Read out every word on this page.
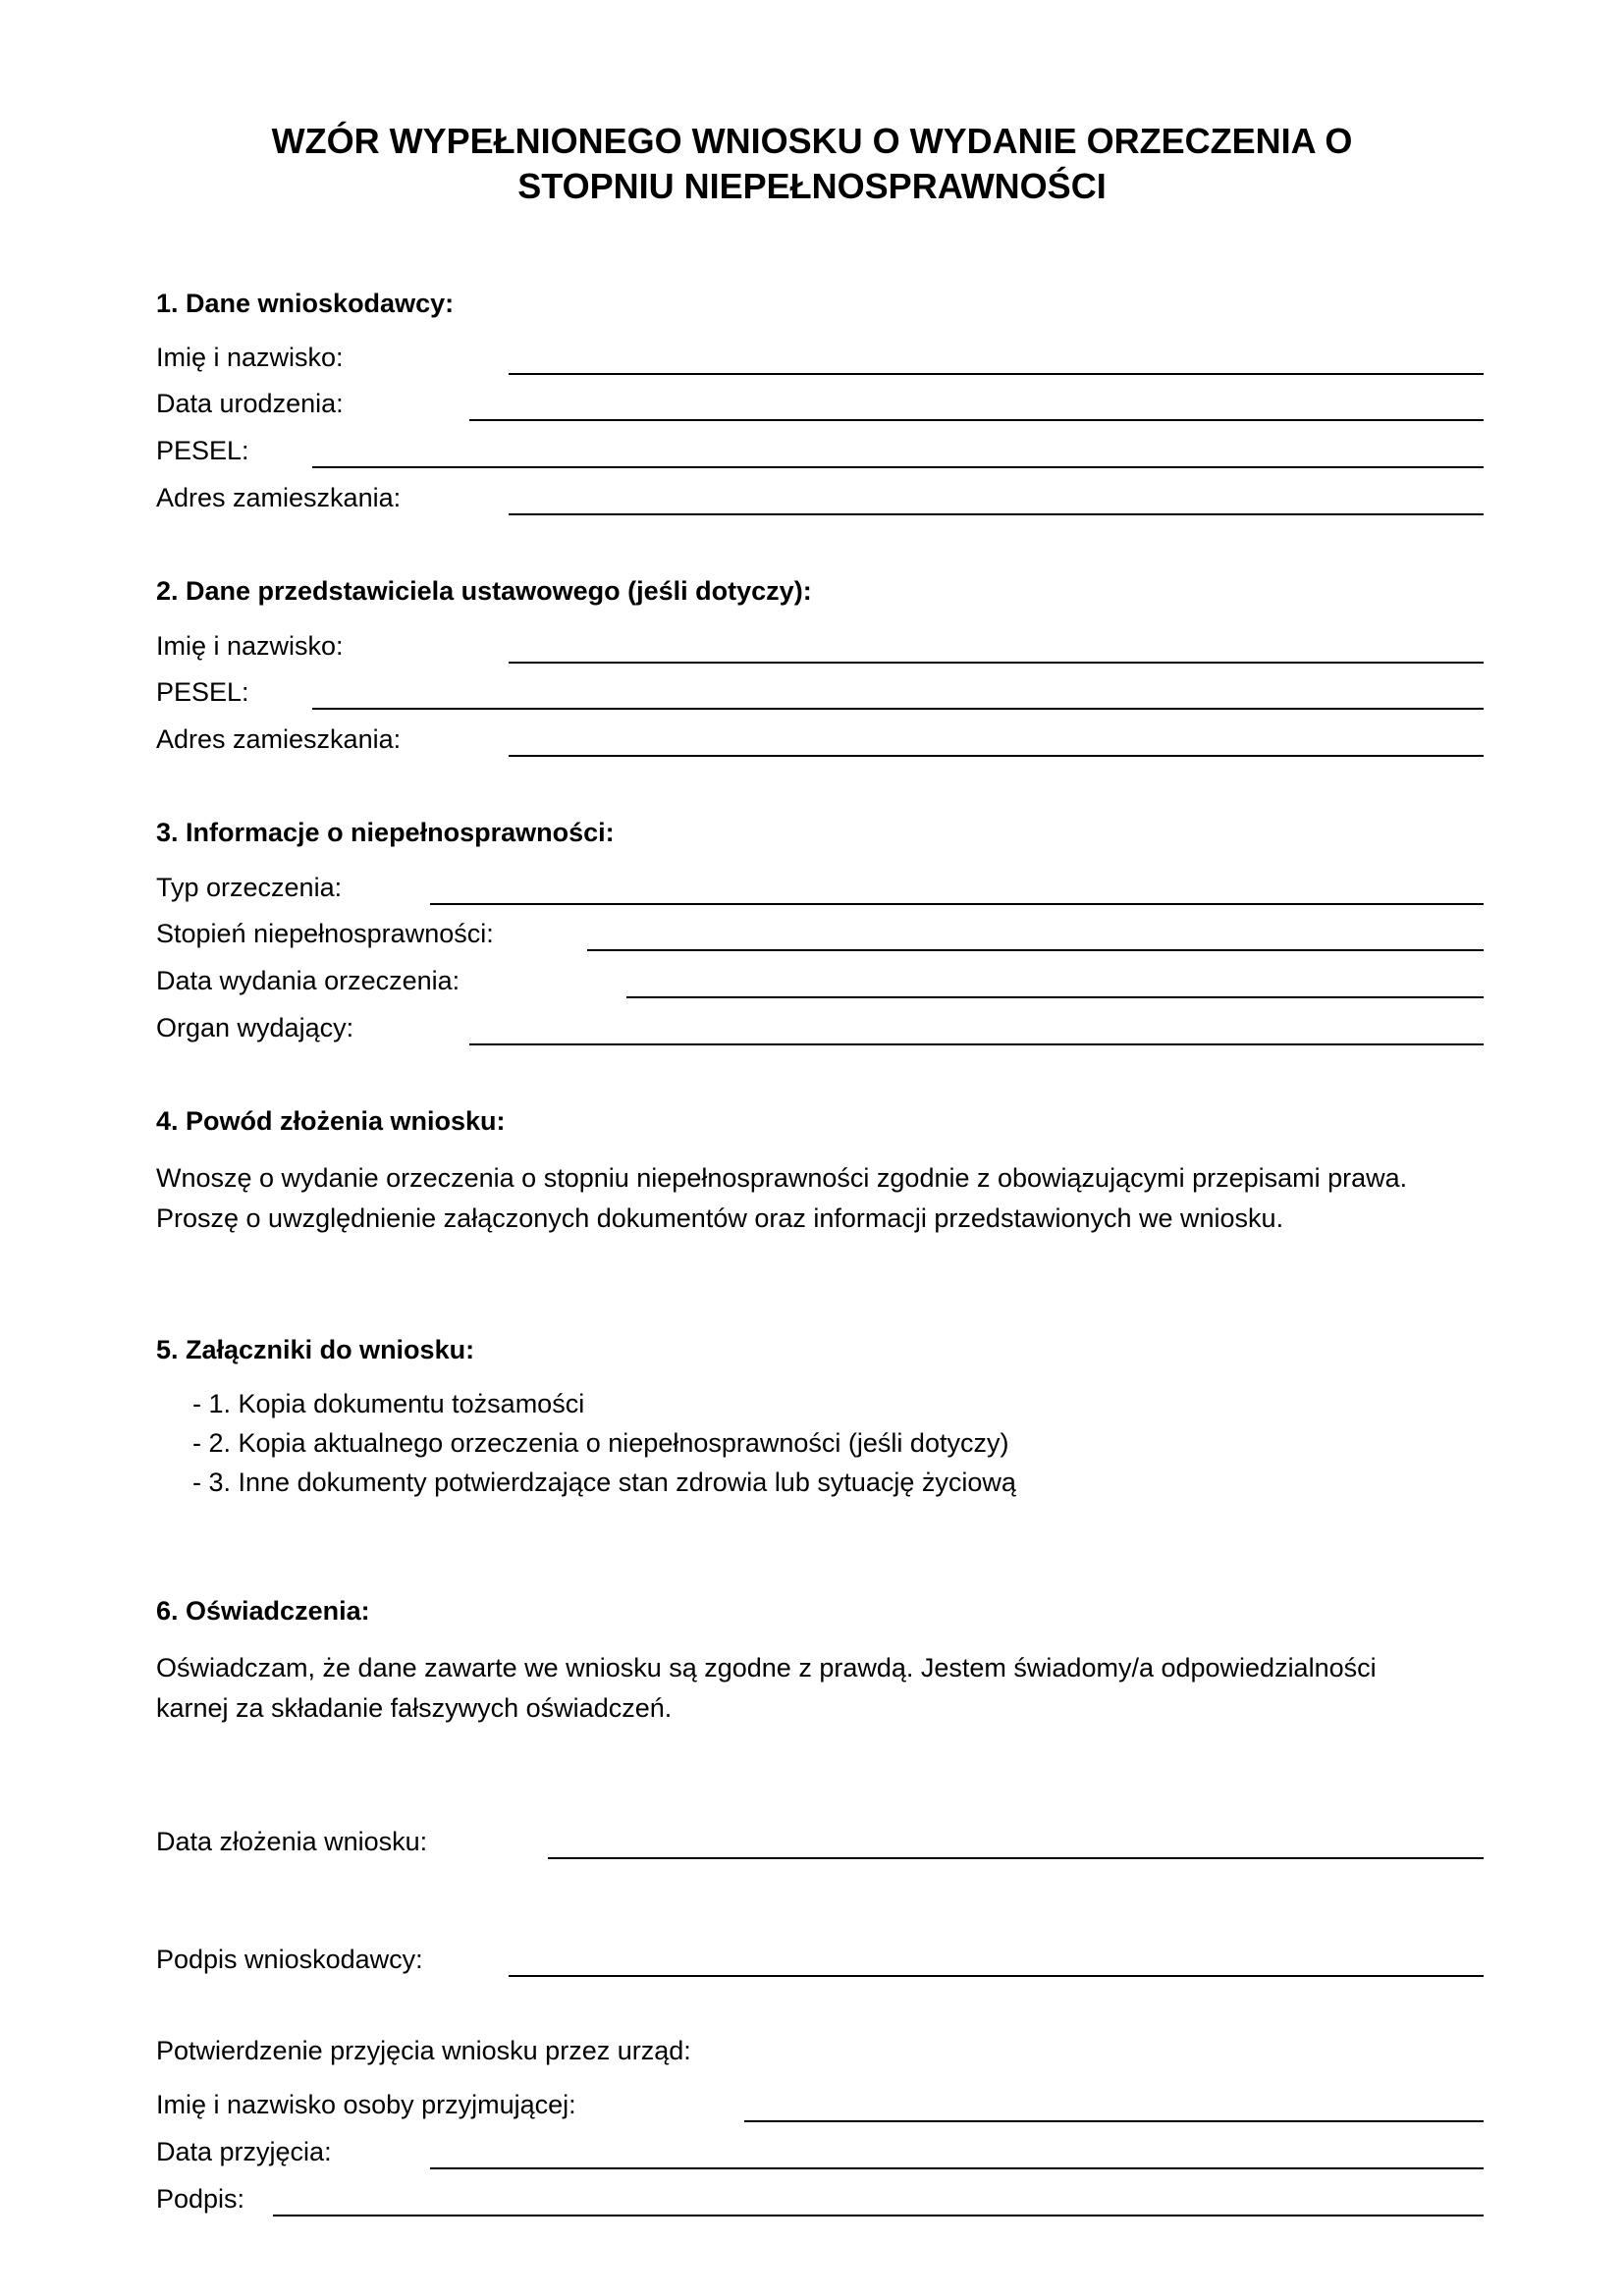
WZÓR WYPEŁNIONEGO WNIOSKU O WYDANIE ORZECZENIA O
STOPNIU NIEPEŁNOSPRAWNOŚCI
1. Dane wnioskodawcy:
Imię i nazwisko:
Data urodzenia:
PESEL:
Adres zamieszkania:
2. Dane przedstawiciela ustawowego (jeśli dotyczy):
Imię i nazwisko:
PESEL:
Adres zamieszkania:
3. Informacje o niepełnosprawności:
Typ orzeczenia:
Stopień niepełnosprawności:
Data wydania orzeczenia:
Organ wydający:
4. Powód złożenia wniosku:
Wnoszę o wydanie orzeczenia o stopniu niepełnosprawności zgodnie z obowiązującymi przepisami prawa.
Proszę o uwzględnienie załączonych dokumentów oraz informacji przedstawionych we wniosku.
5. Załączniki do wniosku:
- 1. Kopia dokumentu tożsamości
- 2. Kopia aktualnego orzeczenia o niepełnosprawności (jeśli dotyczy)
- 3. Inne dokumenty potwierdzające stan zdrowia lub sytuację życiową
6. Oświadczenia:
Oświadczam, że dane zawarte we wniosku są zgodne z prawdą. Jestem świadomy/a odpowiedzialności
karnej za składanie fałszywych oświadczeń.
Data złożenia wniosku:
Podpis wnioskodawcy:
Potwierdzenie przyjęcia wniosku przez urząd:
Imię i nazwisko osoby przyjmującej:
Data przyjęcia:
Podpis:
